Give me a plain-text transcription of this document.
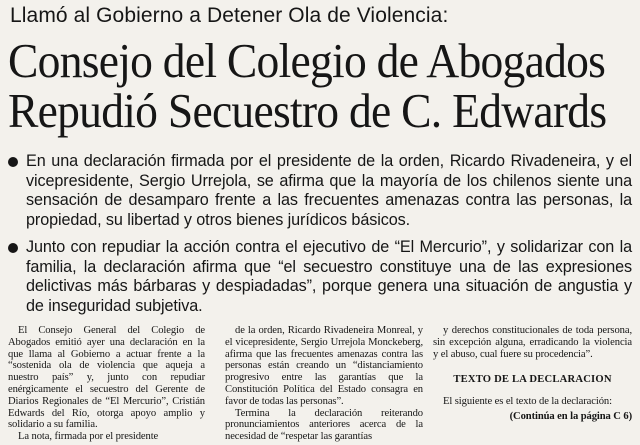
Llamó al Gobierno a Detener Ola de Violencia:
Consejo del Colegio de Abogados
Repudió Secuestro de C. Edwards
En una declaración firmada por el presidente de la orden, Ricardo Rivadeneira, y el vicepresidente, Sergio Urrejola, se afirma que la mayoría de los chilenos siente una sensación de desamparo frente a las frecuentes amenazas contra las personas, la propiedad, su libertad y otros bienes jurídicos básicos.
Junto con repudiar la acción contra el ejecutivo de “El Mercurio”, y solidarizar con la familia, la declaración afirma que “el secuestro constituye una de las expresiones delictivas más bárbaras y despiadadas”, porque genera una situación de angustia y de inseguridad subjetiva.

El Consejo General del Colegio de Abogados emitió ayer una declaración en la que llama al Gobierno a actuar frente a la “sostenida ola de violencia que aqueja a nuestro país” y, junto con repudiar enérgicamente el secuestro del Gerente de Diarios Regionales de “El Mercurio”, Cristián Edwards del Río, otorga apoyo amplio y solidario a su familia.

La nota, firmada por el presidente

de la orden, Ricardo Rivadeneira Monreal, y el vicepresidente, Sergio Urrejola Monckeberg, afirma que las frecuentes amenazas contra las personas están creando un “distanciamiento progresivo entre las garantías que la Constitución Política del Estado consagra en favor de todas las personas”.

Termina la declaración reiterando pronunciamientos anteriores acerca de la necesidad de “respetar las garantías

y derechos constitucionales de toda persona, sin excepción alguna, erradicando la violencia y el abuso, cual fuere su procedencia”.

TEXTO DE LA DECLARACION

El siguiente es el texto de la declaración:

(Continúa en la página C 6)
